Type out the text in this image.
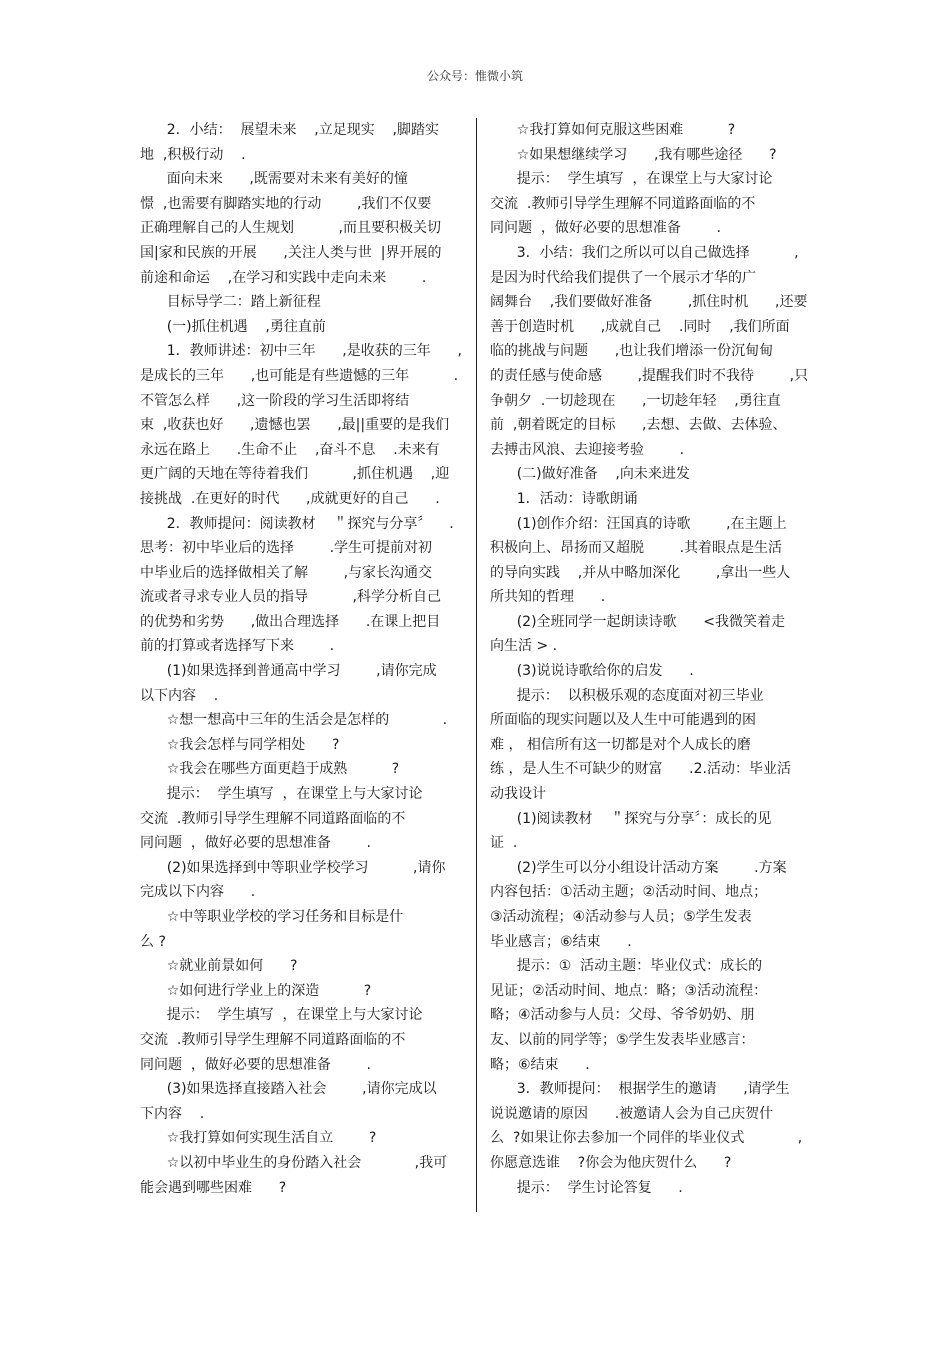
公众号：惟微小筑
2．小结：  展望未来    ,立足现实    ,脚踏实
地  ,积极行动    .
面向未来      ,既需要对未来有美好的憧
憬  ,也需要有脚踏实地的行动        ,我们不仅要
正确理解自己的人生规划          ,而且要积极关切
国|家和民族的开展      ,关注人类与世  |界开展的
前途和命运    ,在学习和实践中走向未来        .
目标导学二：踏上新征程
(一)抓住机遇    ,勇往直前
1．教师讲述：初中三年      ,是收获的三年      ,
是成长的三年      ,也可能是有些遗憾的三年          .
不管怎么样      ,这一阶段的学习生活即将结
束  ,收获也好      ,遗憾也罢      ,最||重要的是我们
永远在路上      .生命不止    ,奋斗不息    .未来有
更广阔的天地在等待着我们          ,抓住机遇    ,迎
接挑战  .在更好的时代      ,成就更好的自己      .
2．教师提问：阅读教材    ＂探究与分享〞    .
思考：初中毕业后的选择        .学生可提前对初
中毕业后的选择做相关了解        ,与家长沟通交
流或者寻求专业人员的指导          ,科学分析自己
的优势和劣势      ,做出合理选择      .在课上把目
前的打算或者选择写下来        .
(1)如果选择到普通高中学习        ,请你完成
以下内容    .
☆想一想高中三年的生活会是怎样的            .
☆我会怎样与同学相处      ?
☆我会在哪些方面更趋于成熟          ?
提示：  学生填写  ，在课堂上与大家讨论
交流  .教师引导学生理解不同道路面临的不
同问题  ，做好必要的思想准备        .
(2)如果选择到中等职业学校学习          ,请你
完成以下内容      .
☆中等职业学校的学习任务和目标是什
么 ?
☆就业前景如何      ?
☆如何进行学业上的深造          ?
提示：  学生填写  ，在课堂上与大家讨论
交流  .教师引导学生理解不同道路面临的不
同问题  ，做好必要的思想准备        .
(3)如果选择直接踏入社会        ,请你完成以
下内容    .
☆我打算如何实现生活自立        ?
☆以初中毕业生的身份踏入社会            ,我可
能会遇到哪些困难      ?
☆我打算如何克服这些困难          ?
☆如果想继续学习      ,我有哪些途径      ?
提示：  学生填写  ，在课堂上与大家讨论
交流  .教师引导学生理解不同道路面临的不
同问题  ，做好必要的思想准备        .
3．小结：我们之所以可以自己做选择          ,
是因为时代给我们提供了一个展示才华的广
阔舞台    ,我们要做好准备        ,抓住时机      ,还要
善于创造时机      ,成就自己    .同时    ,我们所面
临的挑战与问题      ,也让我们增添一份沉甸甸
的责任感与使命感        ,提醒我们时不我待        ,只
争朝夕  .一切趁现在      ,一切趁年轻    ,勇往直
前  ,朝着既定的目标      ,去想、去做、去体验、
去搏击风浪、去迎接考验        .
(二)做好准备    ,向未来进发
1．活动：诗歌朗诵
(1)创作介绍：汪国真的诗歌        ,在主题上
积极向上、昂扬而又超脱        .其着眼点是生活
的导向实践    ,并从中略加深化        ,拿出一些人
所共知的哲理      .
(2)全班同学一起朗读诗歌      <我微笑着走
向生活 > .
(3)说说诗歌给你的启发      .
提示：  以积极乐观的态度面对初三毕业
所面临的现实问题以及人生中可能遇到的困
难 ， 相信所有这一切都是对个人成长的磨
练 ，是人生不可缺少的财富      .2.活动：毕业活
动我设计
(1)阅读教材    ＂探究与分享〞：成长的见
证  .
(2)学生可以分小组设计活动方案        .方案
内容包括：①活动主题；②活动时间、地点；
③活动流程；④活动参与人员；⑤学生发表
毕业感言；⑥结束      .
提示：①  活动主题：毕业仪式：成长的
见证；②活动时间、地点：略；③活动流程：
略；④活动参与人员：父母、爷爷奶奶、朋
友、以前的同学等；⑤学生发表毕业感言：
略；⑥结束      .
3．教师提问：  根据学生的邀请      ,请学生
说说邀请的原因      .被邀请人会为自己庆贺什
么  ?如果让你去参加一个同伴的毕业仪式            ,
你愿意选谁    ?你会为他庆贺什么      ?
提示：  学生讨论答复      .
